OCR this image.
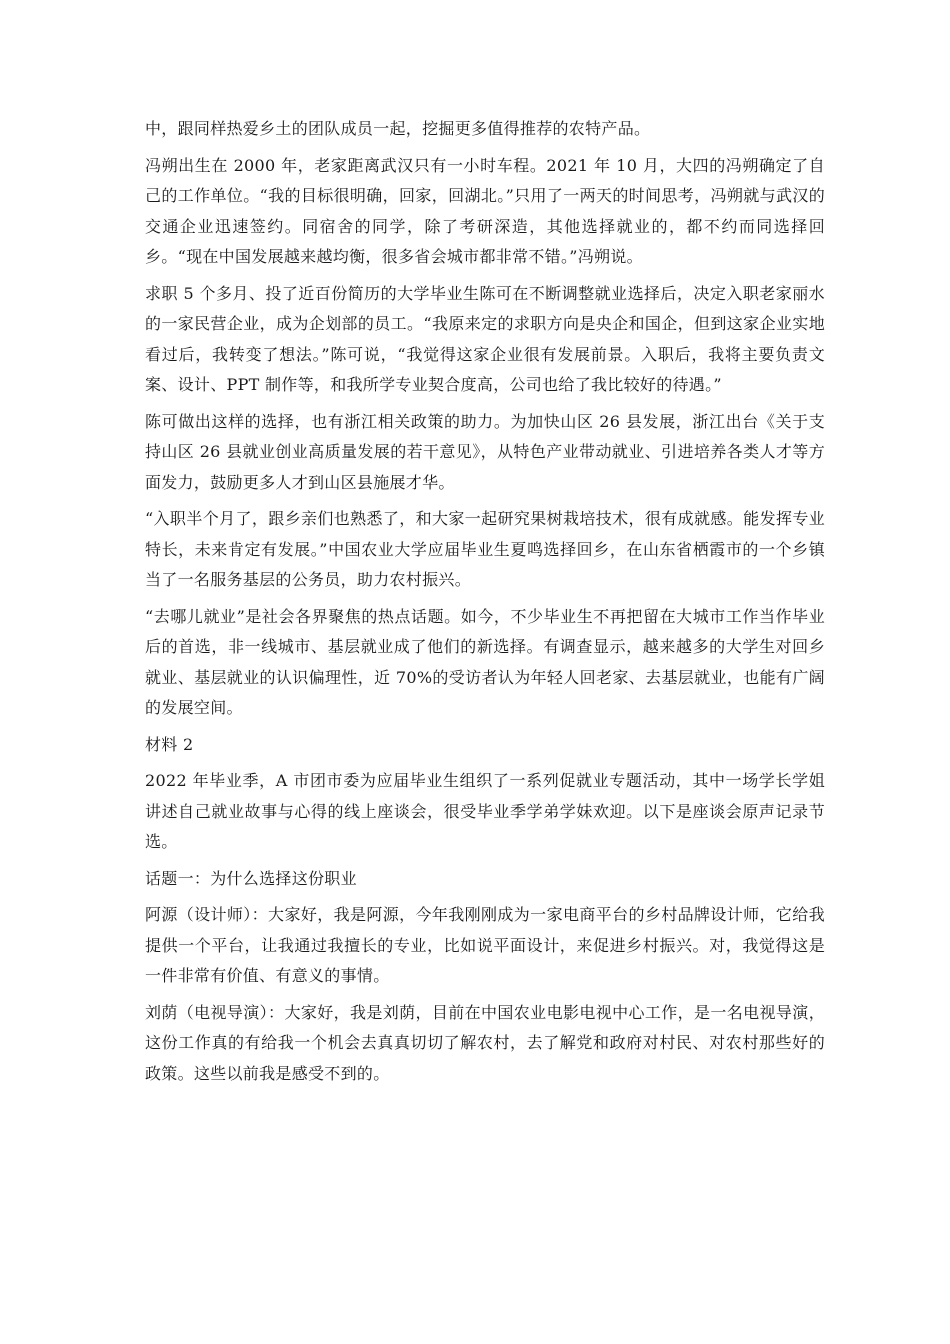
中，跟同样热爱乡土的团队成员一起，挖掘更多值得推荐的农特产品。

冯朔出生在 2000 年，老家距离武汉只有一小时车程。2021 年 10 月，大四的冯朔确定了自己的工作单位。“我的目标很明确，回家，回湖北。”只用了一两天的时间思考，冯朔就与武汉的交通企业迅速签约。同宿舍的同学，除了考研深造，其他选择就业的，都不约而同选择回乡。“现在中国发展越来越均衡，很多省会城市都非常不错。”冯朔说。

求职 5 个多月、投了近百份简历的大学毕业生陈可在不断调整就业选择后，决定入职老家丽水的一家民营企业，成为企划部的员工。“我原来定的求职方向是央企和国企，但到这家企业实地看过后，我转变了想法。”陈可说，“我觉得这家企业很有发展前景。入职后，我将主要负责文案、设计、PPT 制作等，和我所学专业契合度高，公司也给了我比较好的待遇。”

陈可做出这样的选择，也有浙江相关政策的助力。为加快山区 26 县发展，浙江出台《关于支持山区 26 县就业创业高质量发展的若干意见》，从特色产业带动就业、引进培养各类人才等方面发力，鼓励更多人才到山区县施展才华。

“入职半个月了，跟乡亲们也熟悉了，和大家一起研究果树栽培技术，很有成就感。能发挥专业特长，未来肯定有发展。”中国农业大学应届毕业生夏鸣选择回乡，在山东省栖霞市的一个乡镇当了一名服务基层的公务员，助力农村振兴。

“去哪儿就业”是社会各界聚焦的热点话题。如今，不少毕业生不再把留在大城市工作当作毕业后的首选，非一线城市、基层就业成了他们的新选择。有调查显示，越来越多的大学生对回乡就业、基层就业的认识偏理性，近 70%的受访者认为年轻人回老家、去基层就业，也能有广阔的发展空间。

材料 2

2022 年毕业季，A 市团市委为应届毕业生组织了一系列促就业专题活动，其中一场学长学姐讲述自己就业故事与心得的线上座谈会，很受毕业季学弟学妹欢迎。以下是座谈会原声记录节选。

话题一：为什么选择这份职业

阿源（设计师）：大家好，我是阿源，今年我刚刚成为一家电商平台的乡村品牌设计师，它给我提供一个平台，让我通过我擅长的专业，比如说平面设计，来促进乡村振兴。对，我觉得这是一件非常有价值、有意义的事情。

刘荫（电视导演）：大家好，我是刘荫，目前在中国农业电影电视中心工作，是一名电视导演，这份工作真的有给我一个机会去真真切切了解农村，去了解党和政府对村民、对农村那些好的政策。这些以前我是感受不到的。
